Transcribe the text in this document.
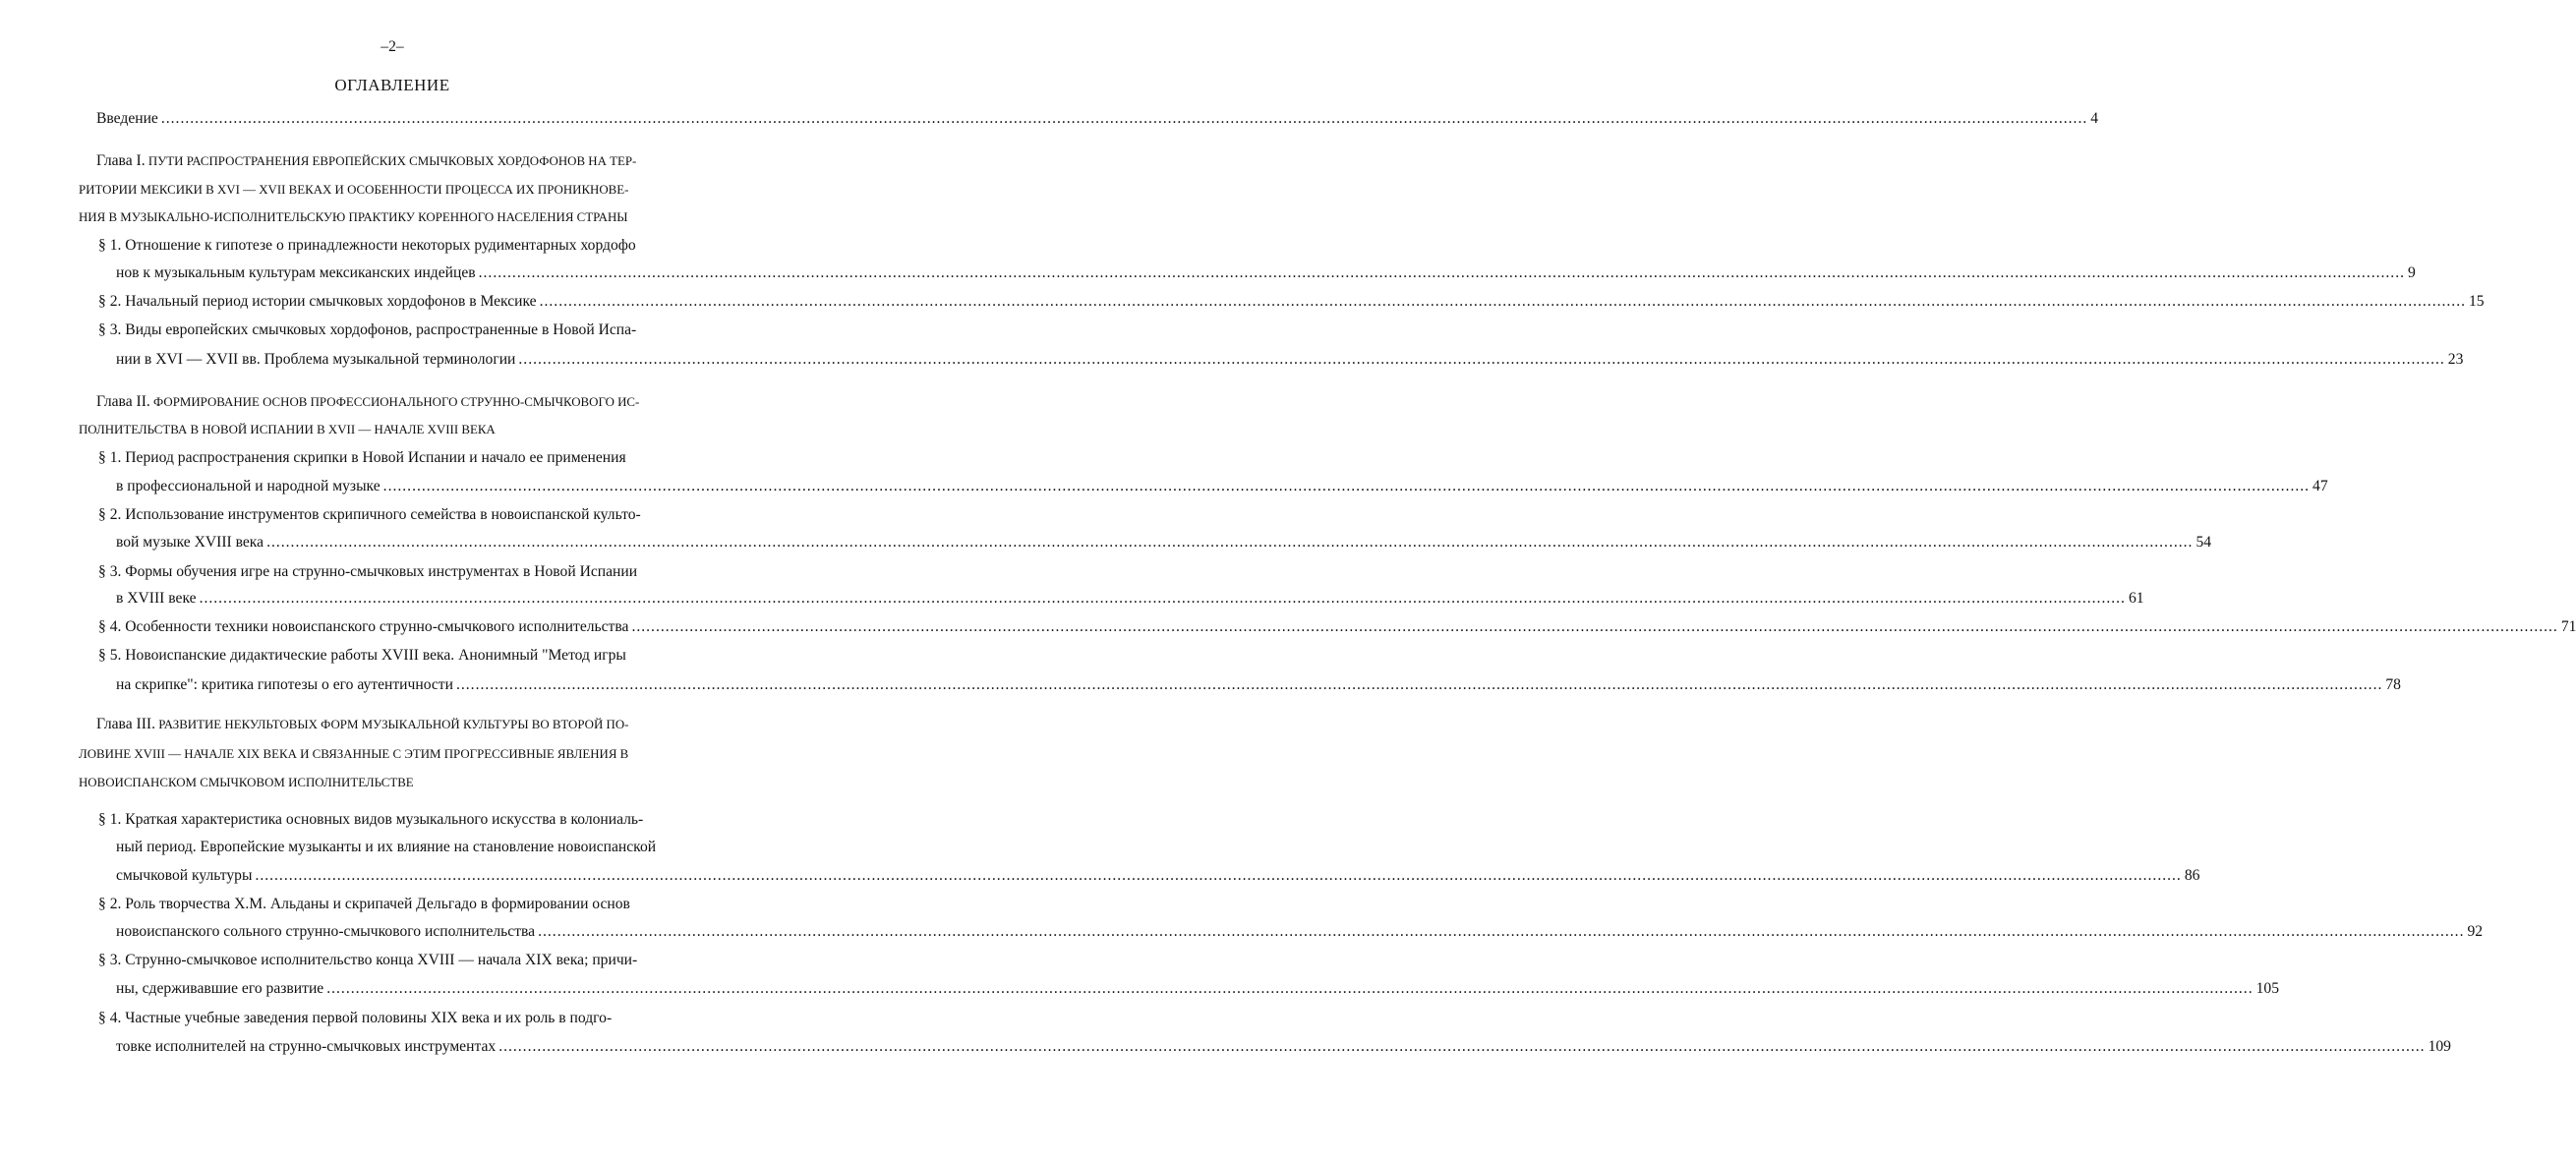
–2–
ОГЛАВЛЕНИЕ
Введение ................................................................................................................................................................................................................................................................................................................................................................................................................ 4
Глава I. ПУТИ РАСПРОСТРАНЕНИЯ ЕВРОПЕЙСКИХ СМЫЧКОВЫХ ХОРДОФОНОВ НА ТЕР-
РИТОРИИ МЕКСИКИ В XVI — XVII ВЕКАХ И ОСОБЕННОСТИ ПРОЦЕССА ИХ ПРОНИКНОВЕ-
НИЯ В МУЗЫКАЛЬНО-ИСПОЛНИТЕЛЬСКУЮ ПРАКТИКУ КОРЕННОГО НАСЕЛЕНИЯ СТРАНЫ
§ 1. Отношение к гипотезе о принадлежности некоторых рудиментарных хордофо
нов к музыкальным культурам мексиканских индейцев ................................................................................................................................................................................................................................................................................................................................................................................................................ 9
§ 2. Начальный период истории смычковых хордофонов в Мексике ................................................................................................................................................................................................................................................................................................................................................................................................................ 15
§ 3. Виды европейских смычковых хордофонов, распространенные в Новой Испа-
нии в XVI — XVII вв. Проблема музыкальной терминологии ................................................................................................................................................................................................................................................................................................................................................................................................................ 23
Глава II. ФОРМИРОВАНИЕ ОСНОВ ПРОФЕССИОНАЛЬНОГО СТРУННО-СМЫЧКОВОГО ИС-
ПОЛНИТЕЛЬСТВА В НОВОЙ ИСПАНИИ В XVII — НАЧАЛЕ XVIII ВЕКА
§ 1. Период распространения скрипки в Новой Испании и начало ее применения
в профессиональной и народной музыке ................................................................................................................................................................................................................................................................................................................................................................................................................ 47
§ 2. Использование инструментов скрипичного семейства в новоиспанской культо-
вой музыке XVIII века ................................................................................................................................................................................................................................................................................................................................................................................................................ 54
§ 3. Формы обучения игре на струнно-смычковых инструментах в Новой Испании
в XVIII веке ................................................................................................................................................................................................................................................................................................................................................................................................................ 61
§ 4. Особенности техники новоиспанского струнно-смычкового исполнительства ................................................................................................................................................................................................................................................................................................................................................................................................................ 71
§ 5. Новоиспанские дидактические работы XVIII века. Анонимный "Метод игры
на скрипке": критика гипотезы о его аутентичности ................................................................................................................................................................................................................................................................................................................................................................................................................ 78
Глава III. РАЗВИТИЕ НЕКУЛЬТОВЫХ ФОРМ МУЗЫКАЛЬНОЙ КУЛЬТУРЫ ВО ВТОРОЙ ПО-
ЛОВИНЕ XVIII — НАЧАЛЕ XIX ВЕКА И СВЯЗАННЫЕ С ЭТИМ ПРОГРЕССИВНЫЕ ЯВЛЕНИЯ В
НОВОИСПАНСКОМ СМЫЧКОВОМ ИСПОЛНИТЕЛЬСТВЕ
§ 1. Краткая характеристика основных видов музыкального искусства в колониаль-
ный период. Европейские музыканты и их влияние на становление новоиспанской
смычковой культуры ................................................................................................................................................................................................................................................................................................................................................................................................................ 86
§ 2. Роль творчества Х.М. Альданы и скрипачей Дельгадо в формировании основ
новоиспанского сольного струнно-смычкового исполнительства ................................................................................................................................................................................................................................................................................................................................................................................................................ 92
§ 3. Струнно-смычковое исполнительство конца XVIII — начала XIX века; причи-
ны, сдерживавшие его развитие ................................................................................................................................................................................................................................................................................................................................................................................................................ 105
§ 4. Частные учебные заведения первой половины XIX века и их роль в подго-
товке исполнителей на струнно-смычковых инструментах ................................................................................................................................................................................................................................................................................................................................................................................................................ 109
